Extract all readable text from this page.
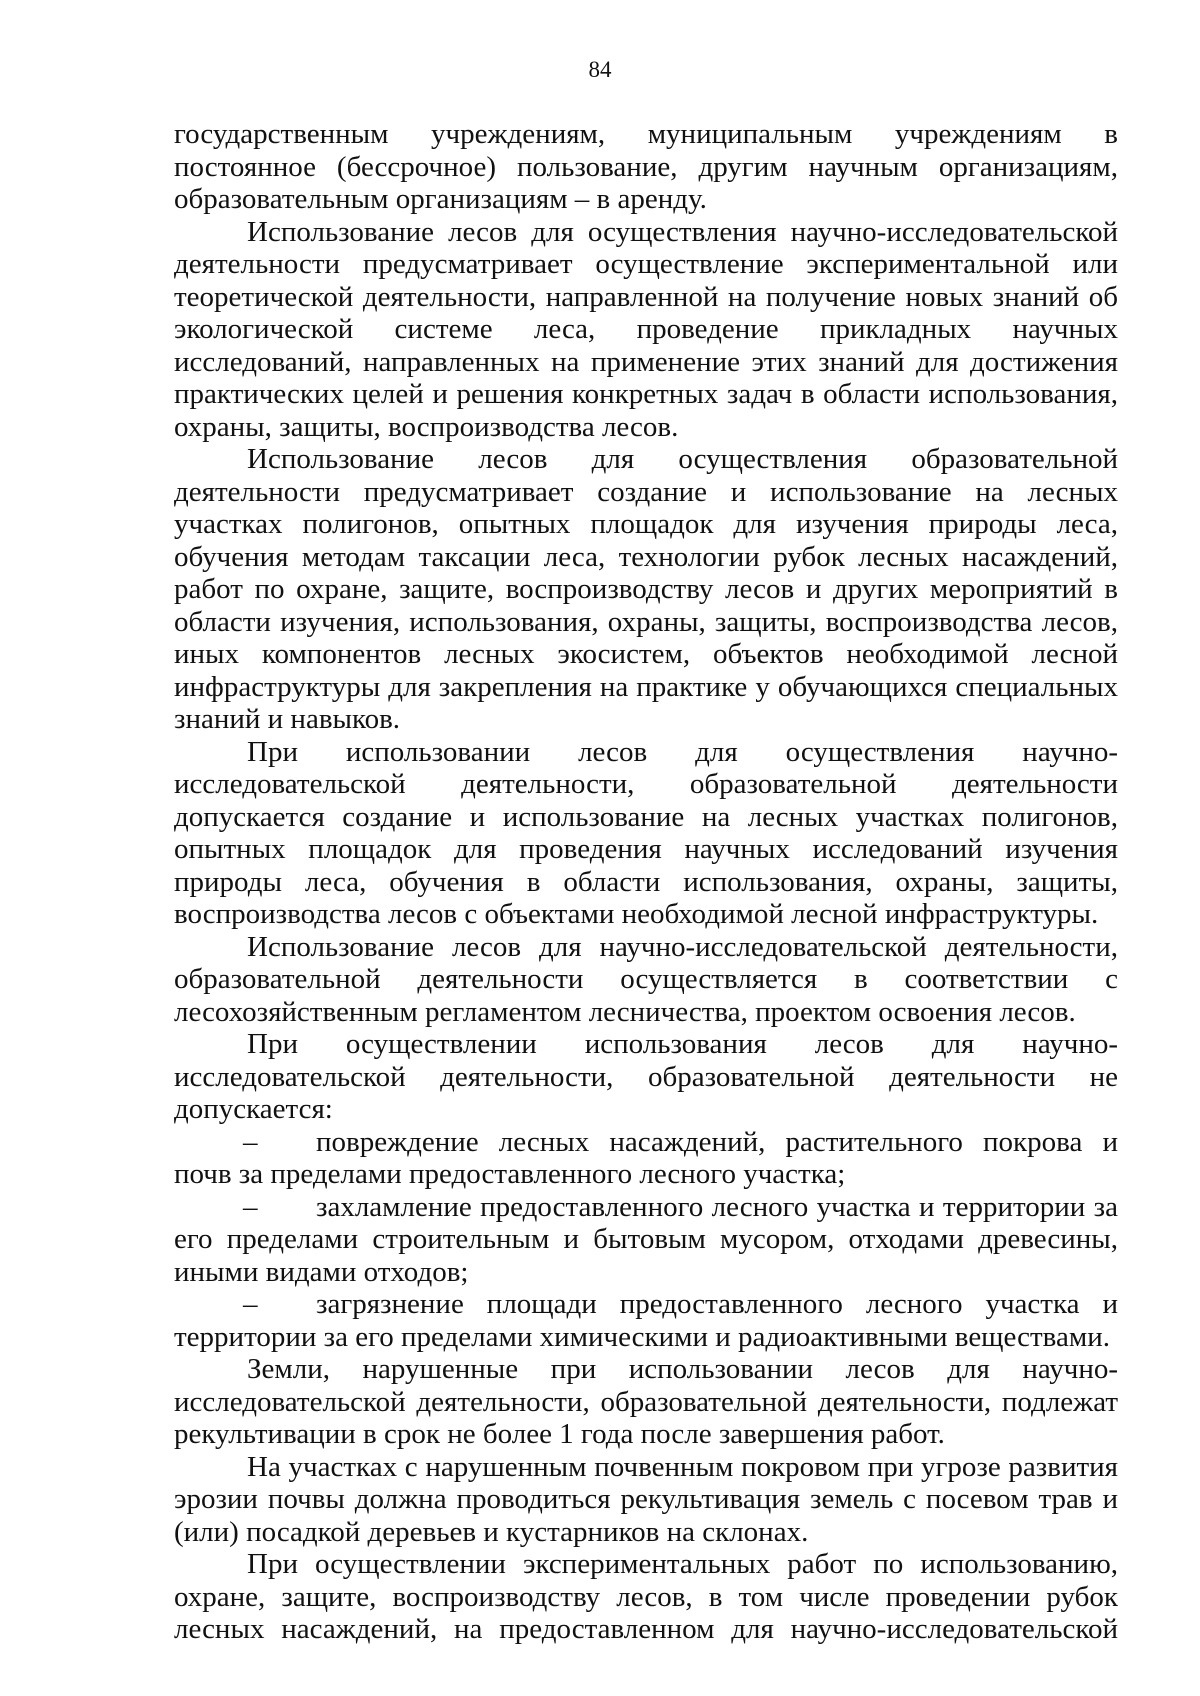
84

государственным учреждениям, муниципальным учреждениям в постоянное (бессрочное) пользование, другим научным организациям, образовательным организациям – в аренду.

Использование лесов для осуществления научно-исследовательской деятельности предусматривает осуществление экспериментальной или теоретической деятельности, направленной на получение новых знаний об экологической системе леса, проведение прикладных научных исследований, направленных на применение этих знаний для достижения практических целей и решения конкретных задач в области использования, охраны, защиты, воспроизводства лесов.

Использование лесов для осуществления образовательной деятельности предусматривает создание и использование на лесных участках полигонов, опытных площадок для изучения природы леса, обучения методам таксации леса, технологии рубок лесных насаждений, работ по охране, защите, воспроизводству лесов и других мероприятий в области изучения, использования, охраны, защиты, воспроизводства лесов, иных компонентов лесных экосистем, объектов необходимой лесной инфраструктуры для закрепления на практике у обучающихся специальных знаний и навыков.

При использовании лесов для осуществления научно-исследовательской деятельности, образовательной деятельности допускается создание и использование на лесных участках полигонов, опытных площадок для проведения научных исследований изучения природы леса, обучения в области использования, охраны, защиты, воспроизводства лесов с объектами необходимой лесной инфраструктуры.

Использование лесов для научно-исследовательской деятельности, образовательной деятельности осуществляется в соответствии с лесохозяйственным регламентом лесничества, проектом освоения лесов.

При осуществлении использования лесов для научно-исследовательской деятельности, образовательной деятельности не допускается:

– повреждение лесных насаждений, растительного покрова и почв за пределами предоставленного лесного участка;

– захламление предоставленного лесного участка и территории за его пределами строительным и бытовым мусором, отходами древесины, иными видами отходов;

– загрязнение площади предоставленного лесного участка и территории за его пределами химическими и радиоактивными веществами.

Земли, нарушенные при использовании лесов для научно-исследовательской деятельности, образовательной деятельности, подлежат рекультивации в срок не более 1 года после завершения работ.

На участках с нарушенным почвенным покровом при угрозе развития эрозии почвы должна проводиться рекультивация земель с посевом трав и (или) посадкой деревьев и кустарников на склонах.

При осуществлении экспериментальных работ по использованию, охране, защите, воспроизводству лесов, в том числе проведении рубок лесных насаждений, на предоставленном для научно-исследовательской
